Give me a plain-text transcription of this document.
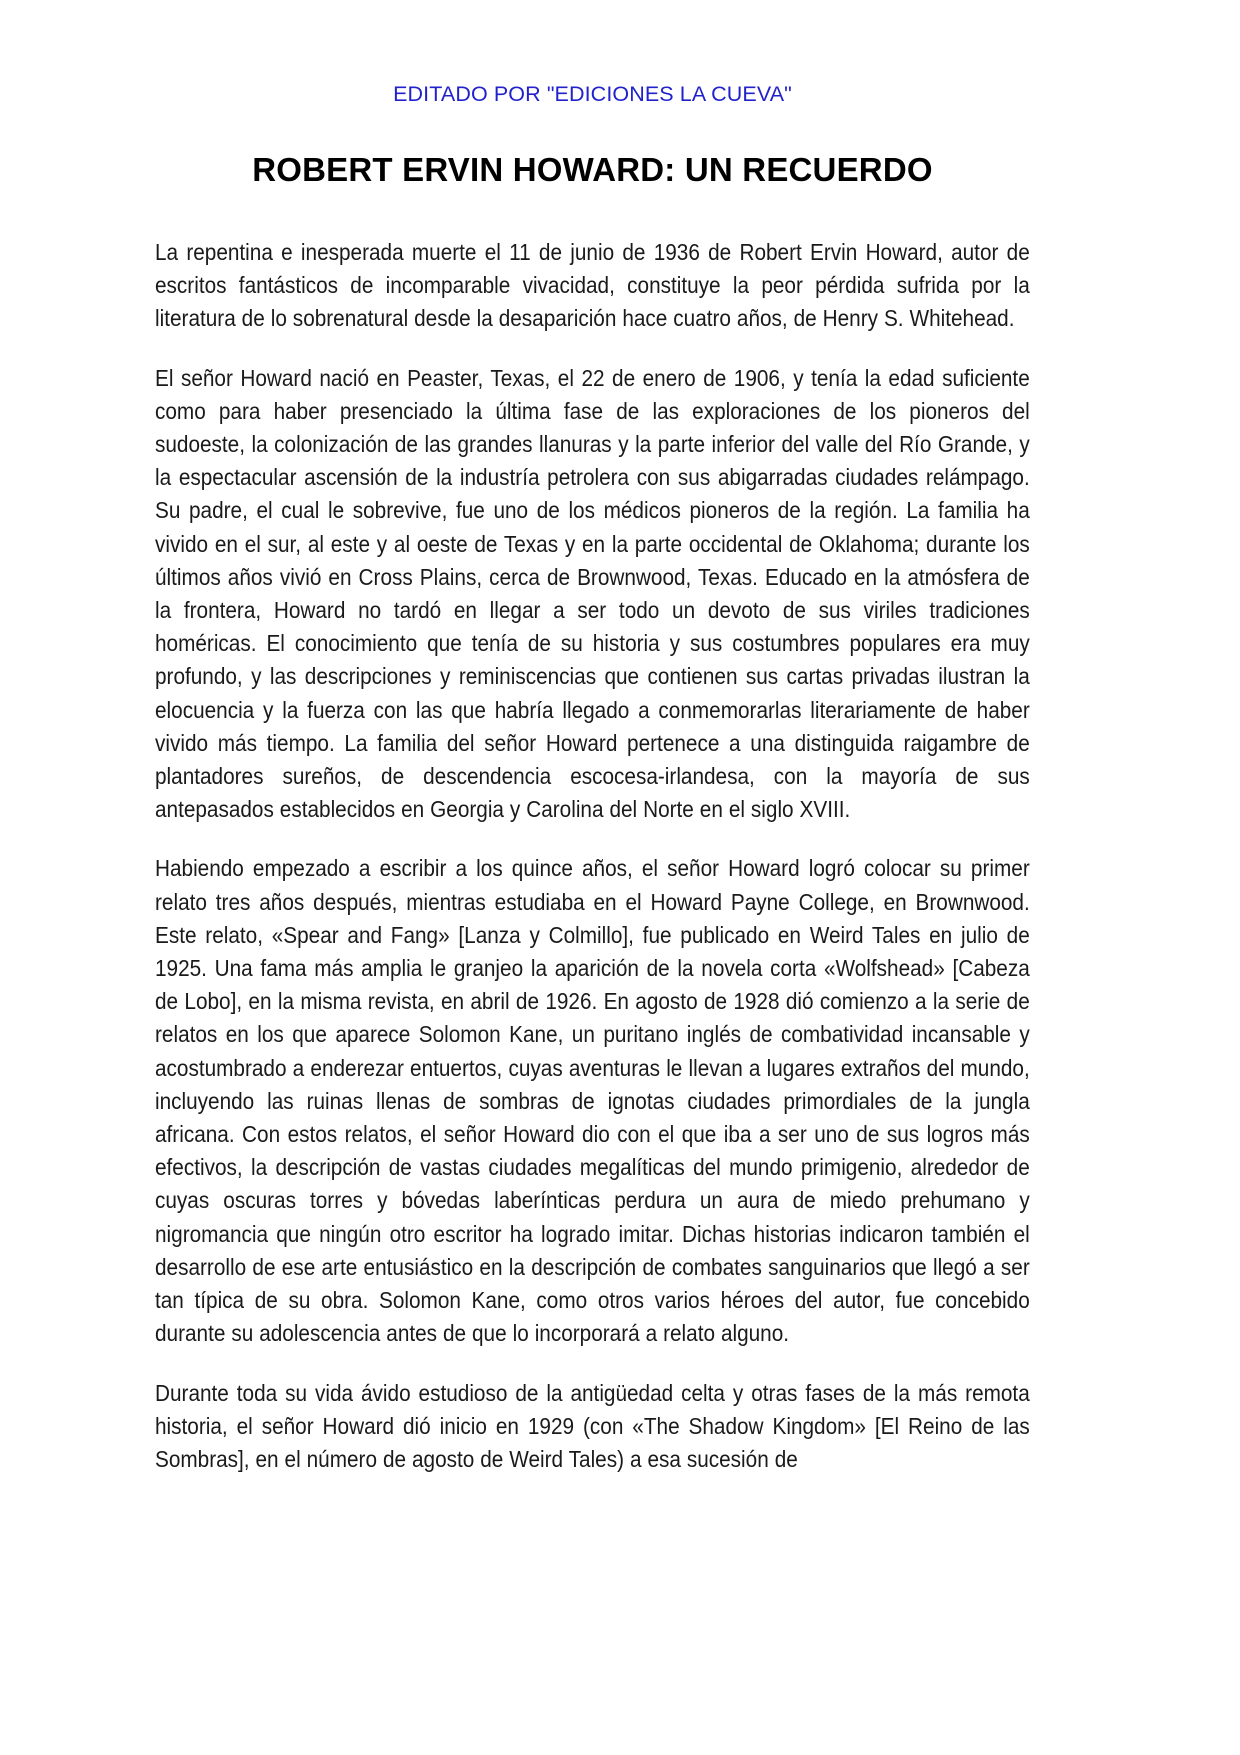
EDITADO POR "EDICIONES LA CUEVA"
ROBERT ERVIN HOWARD: UN RECUERDO

La repentina e inesperada muerte el 11 de junio de 1936 de Robert Ervin Howard, autor de escritos fantásticos de incomparable vivacidad, constituye la peor pérdida sufrida por la literatura de lo sobrenatural desde la desaparición hace cuatro años, de Henry S. Whitehead.

El señor Howard nació en Peaster, Texas, el 22 de enero de 1906, y tenía la edad suficiente como para haber presenciado la última fase de las exploraciones de los pioneros del sudoeste, la colonización de las grandes llanuras y la parte inferior del valle del Río Grande, y la espectacular ascensión de la industría petrolera con sus abigarradas ciudades relámpago. Su padre, el cual le sobrevive, fue uno de los médicos pioneros de la región. La familia ha vivido en el sur, al este y al oeste de Texas y en la parte occidental de Oklahoma; durante los últimos años vivió en Cross Plains, cerca de Brownwood, Texas. Educado en la atmósfera de la frontera, Howard no tardó en llegar a ser todo un devoto de sus viriles tradiciones homéricas. El conocimiento que tenía de su historia y sus costumbres populares era muy profundo, y las descripciones y reminiscencias que contienen sus cartas privadas ilustran la elocuencia y la fuerza con las que habría llegado a conmemorarlas literariamente de haber vivido más tiempo. La familia del señor Howard pertenece a una distinguida raigambre de plantadores sureños, de descendencia escocesa-irlandesa, con la mayoría de sus antepasados establecidos en Georgia y Carolina del Norte en el siglo XVIII.

Habiendo empezado a escribir a los quince años, el señor Howard logró colocar su primer relato tres años después, mientras estudiaba en el Howard Payne College, en Brownwood. Este relato, «Spear and Fang» [Lanza y Colmillo], fue publicado en Weird Tales en julio de 1925. Una fama más amplia le granjeo la aparición de la novela corta «Wolfshead» [Cabeza de Lobo], en la misma revista, en abril de 1926. En agosto de 1928 dió comienzo a la serie de relatos en los que aparece Solomon Kane, un puritano inglés de combatividad incansable y acostumbrado a enderezar entuertos, cuyas aventuras le llevan a lugares extraños del mundo, incluyendo las ruinas llenas de sombras de ignotas ciudades primordiales de la jungla africana. Con estos relatos, el señor Howard dio con el que iba a ser uno de sus logros más efectivos, la descripción de vastas ciudades megalíticas del mundo primigenio, alrededor de cuyas oscuras torres y bóvedas laberínticas perdura un aura de miedo prehumano y nigromancia que ningún otro escritor ha logrado imitar. Dichas historias indicaron también el desarrollo de ese arte entusiástico en la descripción de combates sanguinarios que llegó a ser tan típica de su obra. Solomon Kane, como otros varios héroes del autor, fue concebido durante su adolescencia antes de que lo incorporará a relato alguno.

Durante toda su vida ávido estudioso de la antigüedad celta y otras fases de la más remota historia, el señor Howard dió inicio en 1929 (con «The Shadow Kingdom» [El Reino de las Sombras], en el número de agosto de Weird Tales) a esa sucesión de
